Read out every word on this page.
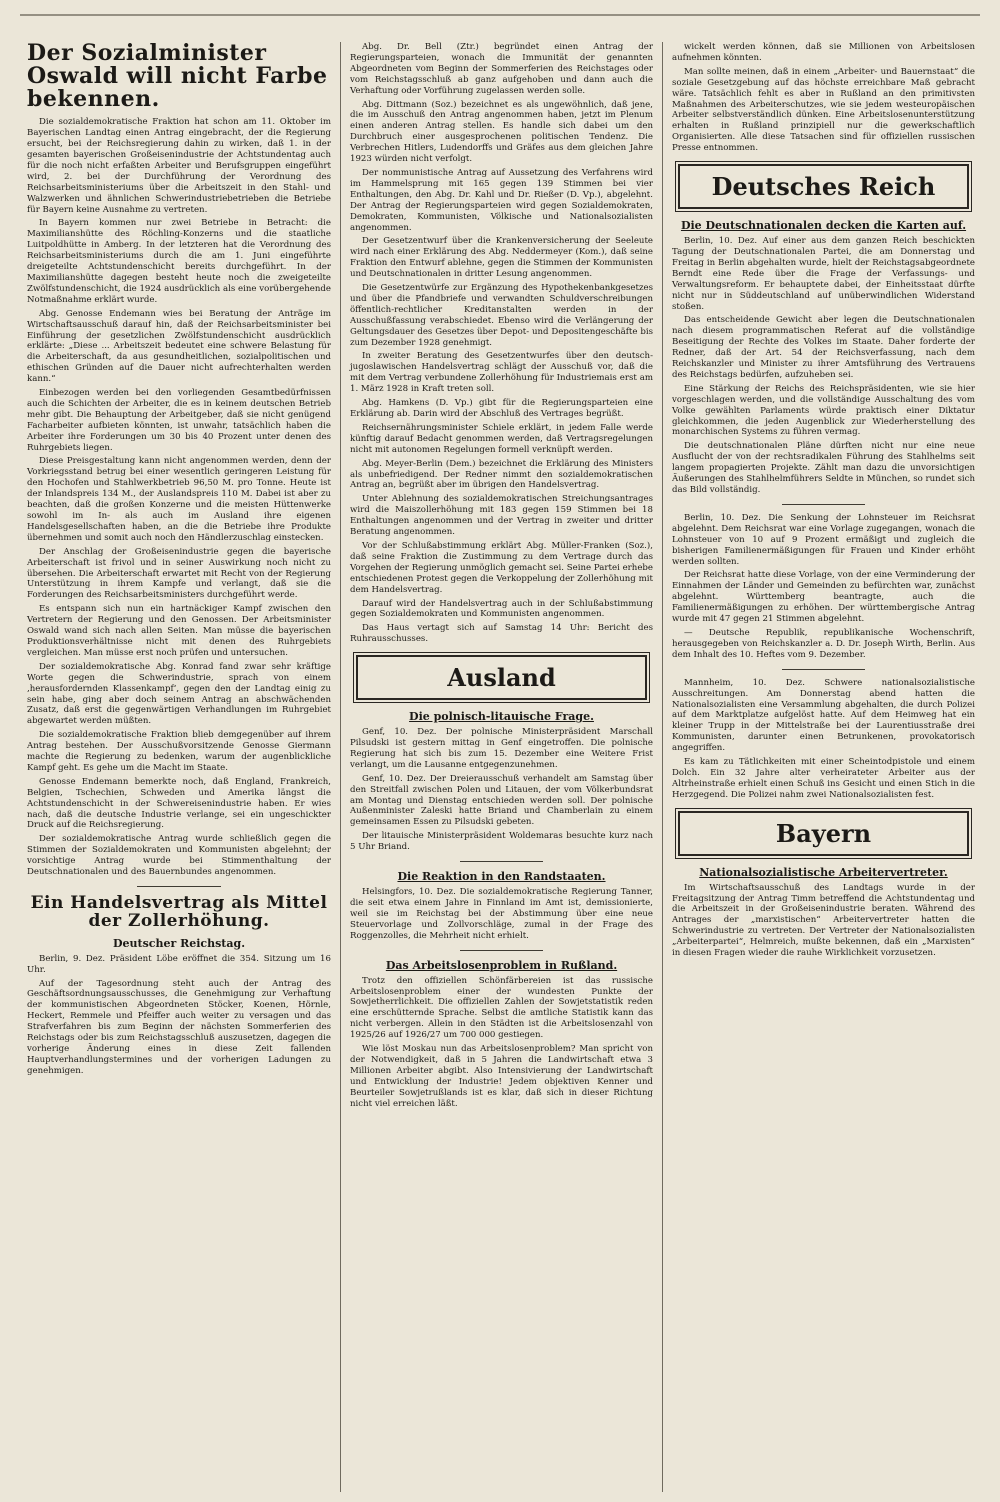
Der Sozialminister Oswald will nicht Farbe bekennen.

Die sozialdemokratische Fraktion hat schon am 11. Oktober im Bayerischen Landtag einen Antrag eingebracht, der die Regierung ersucht, bei der Reichsregierung dahin zu wirken, daß 1. in der gesamten bayerischen Großeisenindustrie der Achtstundentag auch für die noch nicht erfaßten Arbeiter und Berufsgruppen eingeführt wird, 2. bei der Durchführung der Verordnung des Reichsarbeitsministeriums über die Arbeitszeit in den Stahl- und Walzwerken und ähnlichen Schwerindustriebetrieben die Betriebe für Bayern keine Ausnahme zu vertreten.

In Bayern kommen nur zwei Betriebe in Betracht: die Maximilianshütte des Röchling-Konzerns und die staatliche Luitpoldhütte in Amberg. In der letzteren hat die Verordnung des Reichsarbeitsministeriums durch die am 1. Juni eingeführte dreigeteilte Achtstundenschicht bereits durchgeführt. In der Maximilianshütte dagegen besteht heute noch die zweigeteilte Zwölfstundenschicht, die 1924 ausdrücklich als eine vorübergehende Notmaßnahme erklärt wurde.

Abg. Genosse Endemann wies bei Beratung der Anträge im Wirtschaftsausschuß darauf hin, daß der Reichsarbeitsminister bei Einführung der gesetzlichen Zwölfstundenschicht ausdrücklich erklärte: „Diese ... Arbeitszeit bedeutet eine schwere Belastung für die Arbeiterschaft, da aus gesundheitlichen, sozialpolitischen und ethischen Gründen auf die Dauer nicht aufrechterhalten werden kann.“

Einbezogen werden bei den vorliegenden Gesamtbedürfnissen auch die Schichten der Arbeiter, die es in keinem deutschen Betrieb mehr gibt. Die Behauptung der Arbeitgeber, daß sie nicht genügend Facharbeiter aufbieten könnten, ist unwahr, tatsächlich haben die Arbeiter ihre Forderungen um 30 bis 40 Prozent unter denen des Ruhrgebiets liegen.

Diese Preisgestaltung kann nicht angenommen werden, denn der Vorkriegsstand betrug bei einer wesentlich geringeren Leistung für den Hochofen und Stahlwerkbetrieb 96,50 M. pro Tonne. Heute ist der Inlandspreis 134 M., der Auslandspreis 110 M. Dabei ist aber zu beachten, daß die großen Konzerne und die meisten Hüttenwerke sowohl im In- als auch im Ausland ihre eigenen Handelsgesellschaften haben, an die die Betriebe ihre Produkte übernehmen und somit auch noch den Händlerzuschlag einstecken.

Der Anschlag der Großeisenindustrie gegen die bayerische Arbeiterschaft ist frivol und in seiner Auswirkung noch nicht zu übersehen. Die Arbeiterschaft erwartet mit Recht von der Regierung Unterstützung in ihrem Kampfe und verlangt, daß sie die Forderungen des Reichsarbeitsministers durchgeführt werde.

Es entspann sich nun ein hartnäckiger Kampf zwischen den Vertretern der Regierung und den Genossen. Der Arbeitsminister Oswald wand sich nach allen Seiten. Man müsse die bayerischen Produktionsverhältnisse nicht mit denen des Ruhrgebiets vergleichen. Man müsse erst noch prüfen und untersuchen.

Der sozialdemokratische Abg. Konrad fand zwar sehr kräftige Worte gegen die Schwerindustrie, sprach von einem ‚herausfordernden Klassenkampf‘, gegen den der Landtag einig zu sein habe, ging aber doch seinem Antrag an abschwächenden Zusatz, daß erst die gegenwärtigen Verhandlungen im Ruhrgebiet abgewartet werden müßten.

Die sozialdemokratische Fraktion blieb demgegenüber auf ihrem Antrag bestehen. Der Ausschußvorsitzende Genosse Giermann machte die Regierung zu bedenken, warum der augenblickliche Kampf geht. Es gehe um die Macht im Staate.

Genosse Endemann bemerkte noch, daß England, Frankreich, Belgien, Tschechien, Schweden und Amerika längst die Achtstundenschicht in der Schwereisenindustrie haben. Er wies nach, daß die deutsche Industrie verlange, sei ein ungeschickter Druck auf die Reichsregierung.

Der sozialdemokratische Antrag wurde schließlich gegen die Stimmen der Sozialdemokraten und Kommunisten abgelehnt; der vorsichtige Antrag wurde bei Stimmenthaltung der Deutschnationalen und des Bauernbundes angenommen.

Ein Handelsvertrag als Mittel der Zollerhöhung.
Deutscher Reichstag.

Berlin, 9. Dez. Präsident Löbe eröffnet die 354. Sitzung um 16 Uhr.

Auf der Tagesordnung steht auch der Antrag des Geschäftsordnungsausschusses, die Genehmigung zur Verhaftung der kommunistischen Abgeordneten Stöcker, Koenen, Hörnle, Heckert, Remmele und Pfeiffer auch weiter zu versagen und das Strafverfahren bis zum Beginn der nächsten Sommerferien des Reichstags oder bis zum Reichstagsschluß auszusetzen, dagegen die vorherige Änderung eines in diese Zeit fallenden Hauptverhandlungstermines und der vorherigen Ladungen zu genehmigen.

Abg. Dr. Bell (Ztr.) begründet einen Antrag der Regierungsparteien, wonach die Immunität der genannten Abgeordneten vom Beginn der Sommerferien des Reichstages oder vom Reichstagsschluß ab ganz aufgehoben und dann auch die Verhaftung oder Vorführung zugelassen werden solle.

Abg. Dittmann (Soz.) bezeichnet es als ungewöhnlich, daß jene, die im Ausschuß den Antrag angenommen haben, jetzt im Plenum einen anderen Antrag stellen. Es handle sich dabei um den Durchbruch einer ausgesprochenen politischen Tendenz. Die Verbrechen Hitlers, Ludendorffs und Gräfes aus dem gleichen Jahre 1923 würden nicht verfolgt.

Der nommunistische Antrag auf Aussetzung des Verfahrens wird im Hammelsprung mit 165 gegen 139 Stimmen bei vier Enthaltungen, den Abg. Dr. Kahl und Dr. Rießer (D. Vp.), abgelehnt. Der Antrag der Regierungsparteien wird gegen Sozialdemokraten, Demokraten, Kommunisten, Völkische und Nationalsozialisten angenommen.

Der Gesetzentwurf über die Krankenversicherung der Seeleute wird nach einer Erklärung des Abg. Neddermeyer (Kom.), daß seine Fraktion den Entwurf ablehne, gegen die Stimmen der Kommunisten und Deutschnationalen in dritter Lesung angenommen.

Die Gesetzentwürfe zur Ergänzung des Hypothekenbankgesetzes und über die Pfandbriefe und verwandten Schuldverschreibungen öffentlich-rechtlicher Kreditanstalten werden in der Ausschußfassung verabschiedet. Ebenso wird die Verlängerung der Geltungsdauer des Gesetzes über Depot- und Depositengeschäfte bis zum Dezember 1928 genehmigt.

In zweiter Beratung des Gesetzentwurfes über den deutsch-jugoslawischen Handelsvertrag schlägt der Ausschuß vor, daß die mit dem Vertrag verbundene Zollerhöhung für Industriemais erst am 1. März 1928 in Kraft treten soll.

Abg. Hamkens (D. Vp.) gibt für die Regierungsparteien eine Erklärung ab. Darin wird der Abschluß des Vertrages begrüßt.

Reichsernährungsminister Schiele erklärt, in jedem Falle werde künftig darauf Bedacht genommen werden, daß Vertragsregelungen nicht mit autonomen Regelungen formell verknüpft werden.

Abg. Meyer-Berlin (Dem.) bezeichnet die Erklärung des Ministers als unbefriedigend. Der Redner nimmt den sozialdemokratischen Antrag an, begrüßt aber im übrigen den Handelsvertrag.

Unter Ablehnung des sozialdemokratischen Streichungsantrages wird die Maiszollerhöhung mit 183 gegen 159 Stimmen bei 18 Enthaltungen angenommen und der Vertrag in zweiter und dritter Beratung angenommen.

Vor der Schlußabstimmung erklärt Abg. Müller-Franken (Soz.), daß seine Fraktion die Zustimmung zu dem Vertrage durch das Vorgehen der Regierung unmöglich gemacht sei. Seine Partei erhebe entschiedenen Protest gegen die Verkoppelung der Zollerhöhung mit dem Handelsvertrag.

Darauf wird der Handelsvertrag auch in der Schlußabstimmung gegen Sozialdemokraten und Kommunisten angenommen.

Das Haus vertagt sich auf Samstag 14 Uhr: Bericht des Ruhrausschusses.

Ausland
Die polnisch-litauische Frage.

Genf, 10. Dez. Der polnische Ministerpräsident Marschall Pilsudski ist gestern mittag in Genf eingetroffen. Die polnische Regierung hat sich bis zum 15. Dezember eine Weitere Frist verlangt, um die Lausanne entgegenzunehmen.

Genf, 10. Dez. Der Dreierausschuß verhandelt am Samstag über den Streitfall zwischen Polen und Litauen, der vom Völkerbundsrat am Montag und Dienstag entschieden werden soll. Der polnische Außenminister Zaleski hatte Briand und Chamberlain zu einem gemeinsamen Essen zu Pilsudski gebeten.

Der litauische Ministerpräsident Woldemaras besuchte kurz nach 5 Uhr Briand.

Die Reaktion in den Randstaaten.

Helsingfors, 10. Dez. Die sozialdemokratische Regierung Tanner, die seit etwa einem Jahre in Finnland im Amt ist, demissionierte, weil sie im Reichstag bei der Abstimmung über eine neue Steuervorlage und Zollvorschläge, zumal in der Frage des Roggenzolles, die Mehrheit nicht erhielt.

Das Arbeitslosenproblem in Rußland.

Trotz den offiziellen Schönfärbereien ist das russische Arbeitslosenproblem einer der wundesten Punkte der Sowjetherrlichkeit. Die offiziellen Zahlen der Sowjetstatistik reden eine erschütternde Sprache. Selbst die amtliche Statistik kann das nicht verbergen. Allein in den Städten ist die Arbeitslosenzahl von 1925/26 auf 1926/27 um 700 000 gestiegen.

Wie löst Moskau nun das Arbeitslosenproblem? Man spricht von der Notwendigkeit, daß in 5 Jahren die Landwirtschaft etwa 3 Millionen Arbeiter abgibt. Also Intensivierung der Landwirtschaft und Entwicklung der Industrie! Jedem objektiven Kenner und Beurteiler Sowjetrußlands ist es klar, daß sich in dieser Richtung nicht viel erreichen läßt.

wickelt werden können, daß sie Millionen von Arbeitslosen aufnehmen könnten.

Man sollte meinen, daß in einem „Arbeiter- und Bauernstaat“ die soziale Gesetzgebung auf das höchste erreichbare Maß gebracht wäre. Tatsächlich fehlt es aber in Rußland an den primitivsten Maßnahmen des Arbeiterschutzes, wie sie jedem westeuropäischen Arbeiter selbstverständlich dünken. Eine Arbeitslosenunterstützung erhalten in Rußland prinzipiell nur die gewerkschaftlich Organisierten. Alle diese Tatsachen sind für offiziellen russischen Presse entnommen.

Deutsches Reich
Die Deutschnationalen decken die Karten auf.

Berlin, 10. Dez. Auf einer aus dem ganzen Reich beschickten Tagung der Deutschnationalen Partei, die am Donnerstag und Freitag in Berlin abgehalten wurde, hielt der Reichstagsabgeordnete Berndt eine Rede über die Frage der Verfassungs- und Verwaltungsreform. Er behauptete dabei, der Einheitsstaat dürfte nicht nur in Süddeutschland auf unüberwindlichen Widerstand stoßen.

Das entscheidende Gewicht aber legen die Deutschnationalen nach diesem programmatischen Referat auf die vollständige Beseitigung der Rechte des Volkes im Staate. Daher forderte der Redner, daß der Art. 54 der Reichsverfassung, nach dem Reichskanzler und Minister zu ihrer Amtsführung des Vertrauens des Reichstags bedürfen, aufzuheben sei.

Eine Stärkung der Reichs des Reichspräsidenten, wie sie hier vorgeschlagen werden, und die vollständige Ausschaltung des vom Volke gewählten Parlaments würde praktisch einer Diktatur gleichkommen, die jeden Augenblick zur Wiederherstellung des monarchischen Systems zu führen vermag.

Die deutschnationalen Pläne dürften nicht nur eine neue Ausflucht der von der rechtsradikalen Führung des Stahlhelms seit langem propagierten Projekte. Zählt man dazu die unvorsichtigen Äußerungen des Stahlhelmführers Seldte in München, so rundet sich das Bild vollständig.

Berlin, 10. Dez. Die Senkung der Lohnsteuer im Reichsrat abgelehnt. Dem Reichsrat war eine Vorlage zugegangen, wonach die Lohnsteuer von 10 auf 9 Prozent ermäßigt und zugleich die bisherigen Familienermäßigungen für Frauen und Kinder erhöht werden sollten.

Der Reichsrat hatte diese Vorlage, von der eine Verminderung der Einnahmen der Länder und Gemeinden zu befürchten war, zunächst abgelehnt. Württemberg beantragte, auch die Familienermäßigungen zu erhöhen. Der württembergische Antrag wurde mit 47 gegen 21 Stimmen abgelehnt.

— Deutsche Republik, republikanische Wochenschrift, herausgegeben von Reichskanzler a. D. Dr. Joseph Wirth, Berlin. Aus dem Inhalt des 10. Heftes vom 9. Dezember.

Mannheim, 10. Dez. Schwere nationalsozialistische Ausschreitungen. Am Donnerstag abend hatten die Nationalsozialisten eine Versammlung abgehalten, die durch Polizei auf dem Marktplatze aufgelöst hatte. Auf dem Heimweg hat ein kleiner Trupp in der Mittelstraße bei der Laurentiusstraße drei Kommunisten, darunter einen Betrunkenen, provokatorisch angegriffen.

Es kam zu Tätlichkeiten mit einer Scheintodpistole und einem Dolch. Ein 32 Jahre alter verheirateter Arbeiter aus der Altrheinstraße erhielt einen Schuß ins Gesicht und einen Stich in die Herzgegend. Die Polizei nahm zwei Nationalsozialisten fest.

Bayern
Nationalsozialistische Arbeitervertreter.

Im Wirtschaftsausschuß des Landtags wurde in der Freitagsitzung der Antrag Timm betreffend die Achtstundentag und die Arbeitszeit in der Großeisenindustrie beraten. Während des Antrages der „marxistischen“ Arbeitervertreter hatten die Schwerindustrie zu vertreten. Der Vertreter der Nationalsozialisten „Arbeiterpartei“, Helmreich, mußte bekennen, daß ein „Marxisten“ in diesen Fragen wieder die rauhe Wirklichkeit vorzusetzen.
